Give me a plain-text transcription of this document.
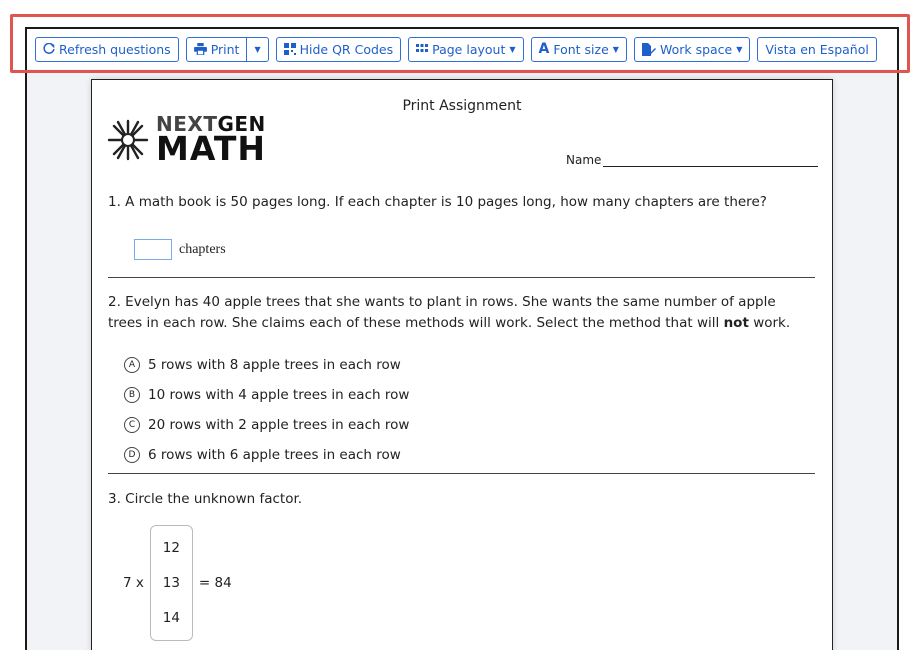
Refresh questions	Print ▼	Hide QR Codes	Page layout ▼ A Font size ▼	Work space ▼ Vista en Español
Print Assignment
NEXTGEN
MATH	Name
1. A math book is 50 pages long. If each chapter is 10 pages long, how many chapters are there?
chapters
2. Evelyn has 40 apple trees that she wants to plant in rows. She wants the same number of apple trees in each row. She claims each of these methods will work. Select the method that will not work.
A 5 rows with 8 apple trees in each row
B 10 rows with 4 apple trees in each row
C 20 rows with 2 apple trees in each row
D 6 rows with 6 apple trees in each row
3. Circle the unknown factor.
7 x
12
13
14
= 84
